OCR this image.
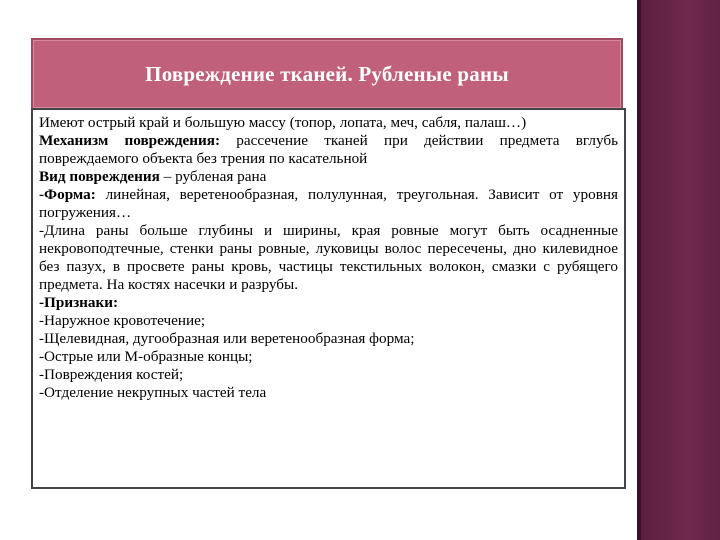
Повреждение тканей. Рубленые раны

Имеют острый край и большую массу (топор, лопата, меч, сабля, палаш…)

Механизм повреждения: рассечение тканей при действии предмета вглубь повреждаемого объекта без трения по касательной

Вид повреждения – рубленая рана

-Форма: линейная, веретенообразная, полулунная, треугольная. Зависит от уровня погружения…

-Длина раны больше глубины и ширины, края ровные могут быть осадненные некровоподтечные, стенки раны ровные, луковицы волос пересечены, дно килевидное без пазух, в просвете раны кровь, частицы текстильных волокон, смазки с рубящего предмета. На костях насечки и разрубы.

-Признаки:

-Наружное кровотечение;

-Щелевидная, дугообразная или веретенообразная форма;

-Острые или М-образные концы;

-Повреждения костей;

-Отделение некрупных частей тела
